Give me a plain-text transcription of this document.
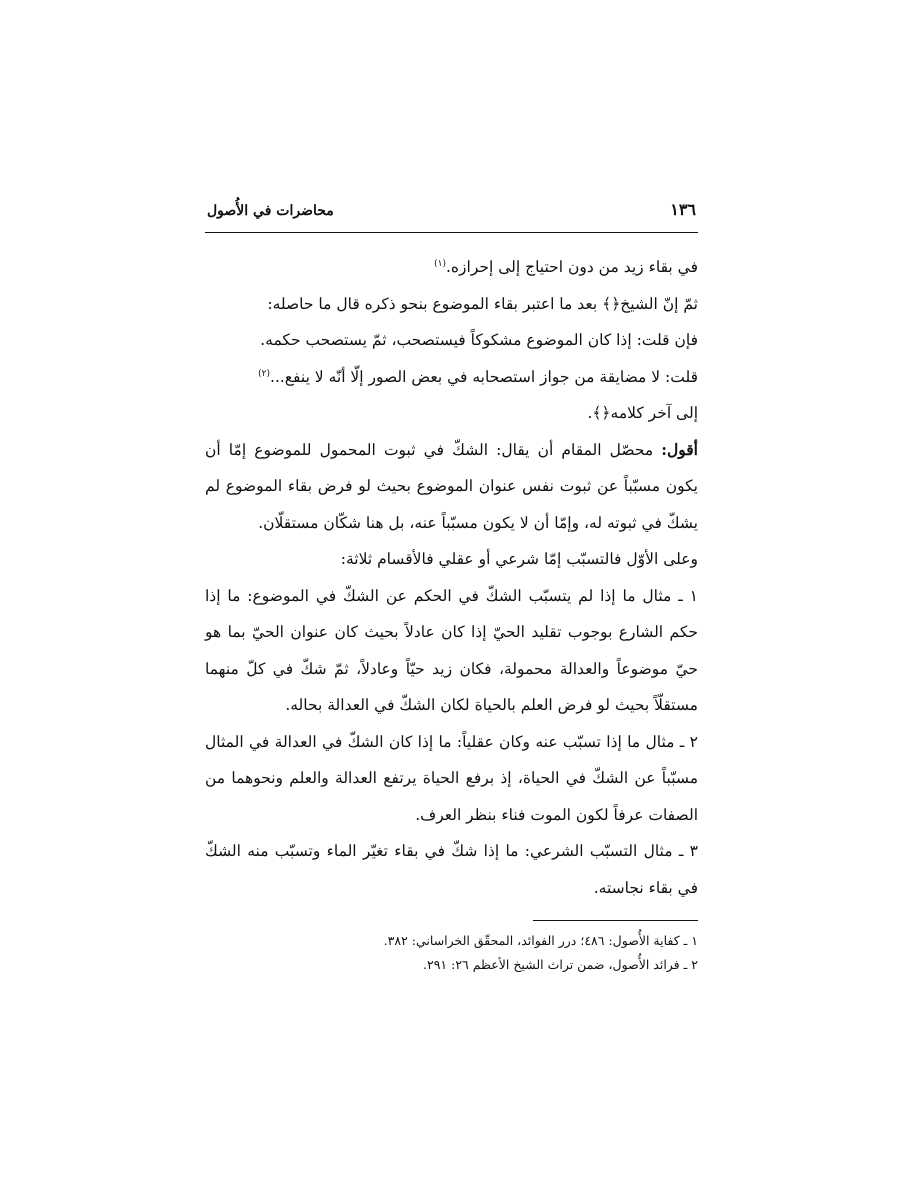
١٣٦
محاضرات في الأُصول

في بقاء زيد من دون احتياج إلى إحرازه.$^{(١)}$

ثمّ إنّ الشيخ﴿﴾ بعد ما اعتبر بقاء الموضوع بنحو ذكره قال ما حاصله:

فإن قلت: إذا كان الموضوع مشكوكاً فيستصحب، ثمّ يستصحب حكمه.

قلت: لا مضايقة من جواز استصحابه في بعض الصور إلّا أنّه لا ينفع...$^{(٢)}$

إلى آخر كلامه﴿﴾.

أقول: محصّل المقام أن يقال: الشكّ في ثبوت المحمول للموضوع إمّا أن يكون مسبّباً عن ثبوت نفس عنوان الموضوع بحيث لو فرض بقاء الموضوع لم يشكّ في ثبوته له، وإمّا أن لا يكون مسبّباً عنه، بل هنا شكّان مستقلّان.

وعلى الأوّل فالتسبّب إمّا شرعي أو عقلي فالأقسام ثلاثة:

١ ـ مثال ما إذا لم يتسبّب الشكّ في الحكم عن الشكّ في الموضوع: ما إذا حكم الشارع بوجوب تقليد الحيّ إذا كان عادلاً بحيث كان عنوان الحيّ بما هو حيّ موضوعاً والعدالة محمولة، فكان زيد حيّاً وعادلاً، ثمّ شكّ في كلّ منهما مستقلّاً بحيث لو فرض العلم بالحياة لكان الشكّ في العدالة بحاله.

٢ ـ مثال ما إذا تسبّب عنه وكان عقلياً: ما إذا كان الشكّ في العدالة في المثال مسبّباً عن الشكّ في الحياة، إذ برفع الحياة يرتفع العدالة والعلم ونحوهما من الصفات عرفاً لكون الموت فناء بنظر العرف.

٣ ـ مثال التسبّب الشرعي: ما إذا شكّ في بقاء تغيّر الماء وتسبّب منه الشكّ في بقاء نجاسته.

١ ـ كفاية الأُصول: ٤٨٦؛ درر الفوائد، المحقّق الخراساني: ٣٨٢.
٢ ـ فرائد الأُصول، ضمن تراث الشيخ الأعظم ٢٦: ٢٩١.
